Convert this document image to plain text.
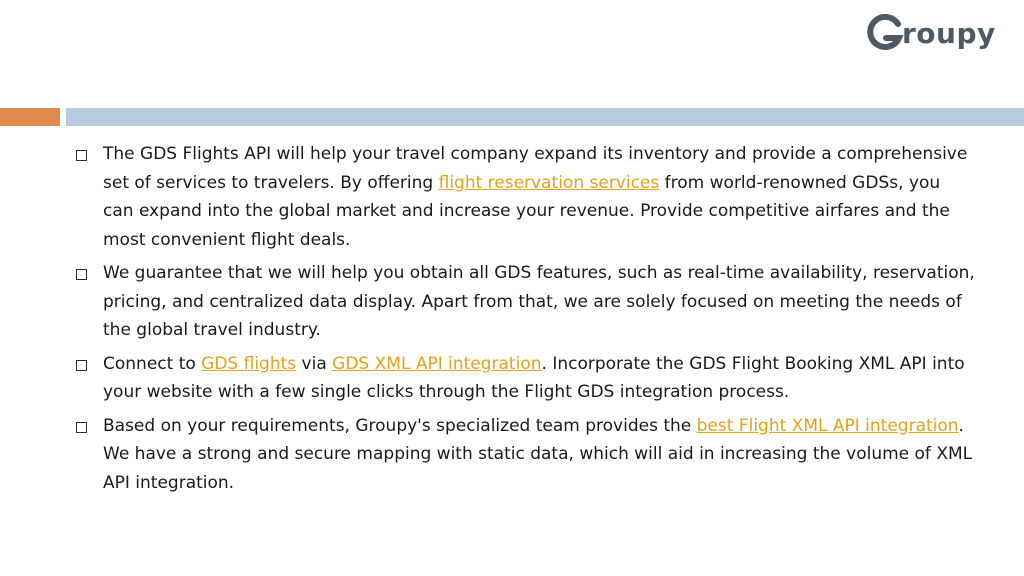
roupy
The GDS Flights API will help your travel company expand its inventory and provide a comprehensive set of services to travelers. By offering flight reservation services from world-renowned GDSs, you can expand into the global market and increase your revenue. Provide competitive airfares and the most convenient flight deals.
We guarantee that we will help you obtain all GDS features, such as real-time availability, reservation, pricing, and centralized data display. Apart from that, we are solely focused on meeting the needs of the global travel industry.
Connect to GDS flights via GDS XML API integration. Incorporate the GDS Flight Booking XML API into your website with a few single clicks through the Flight GDS integration process.
Based on your requirements, Groupy's specialized team provides the best Flight XML API integration. We have a strong and secure mapping with static data, which will aid in increasing the volume of XML API integration.
